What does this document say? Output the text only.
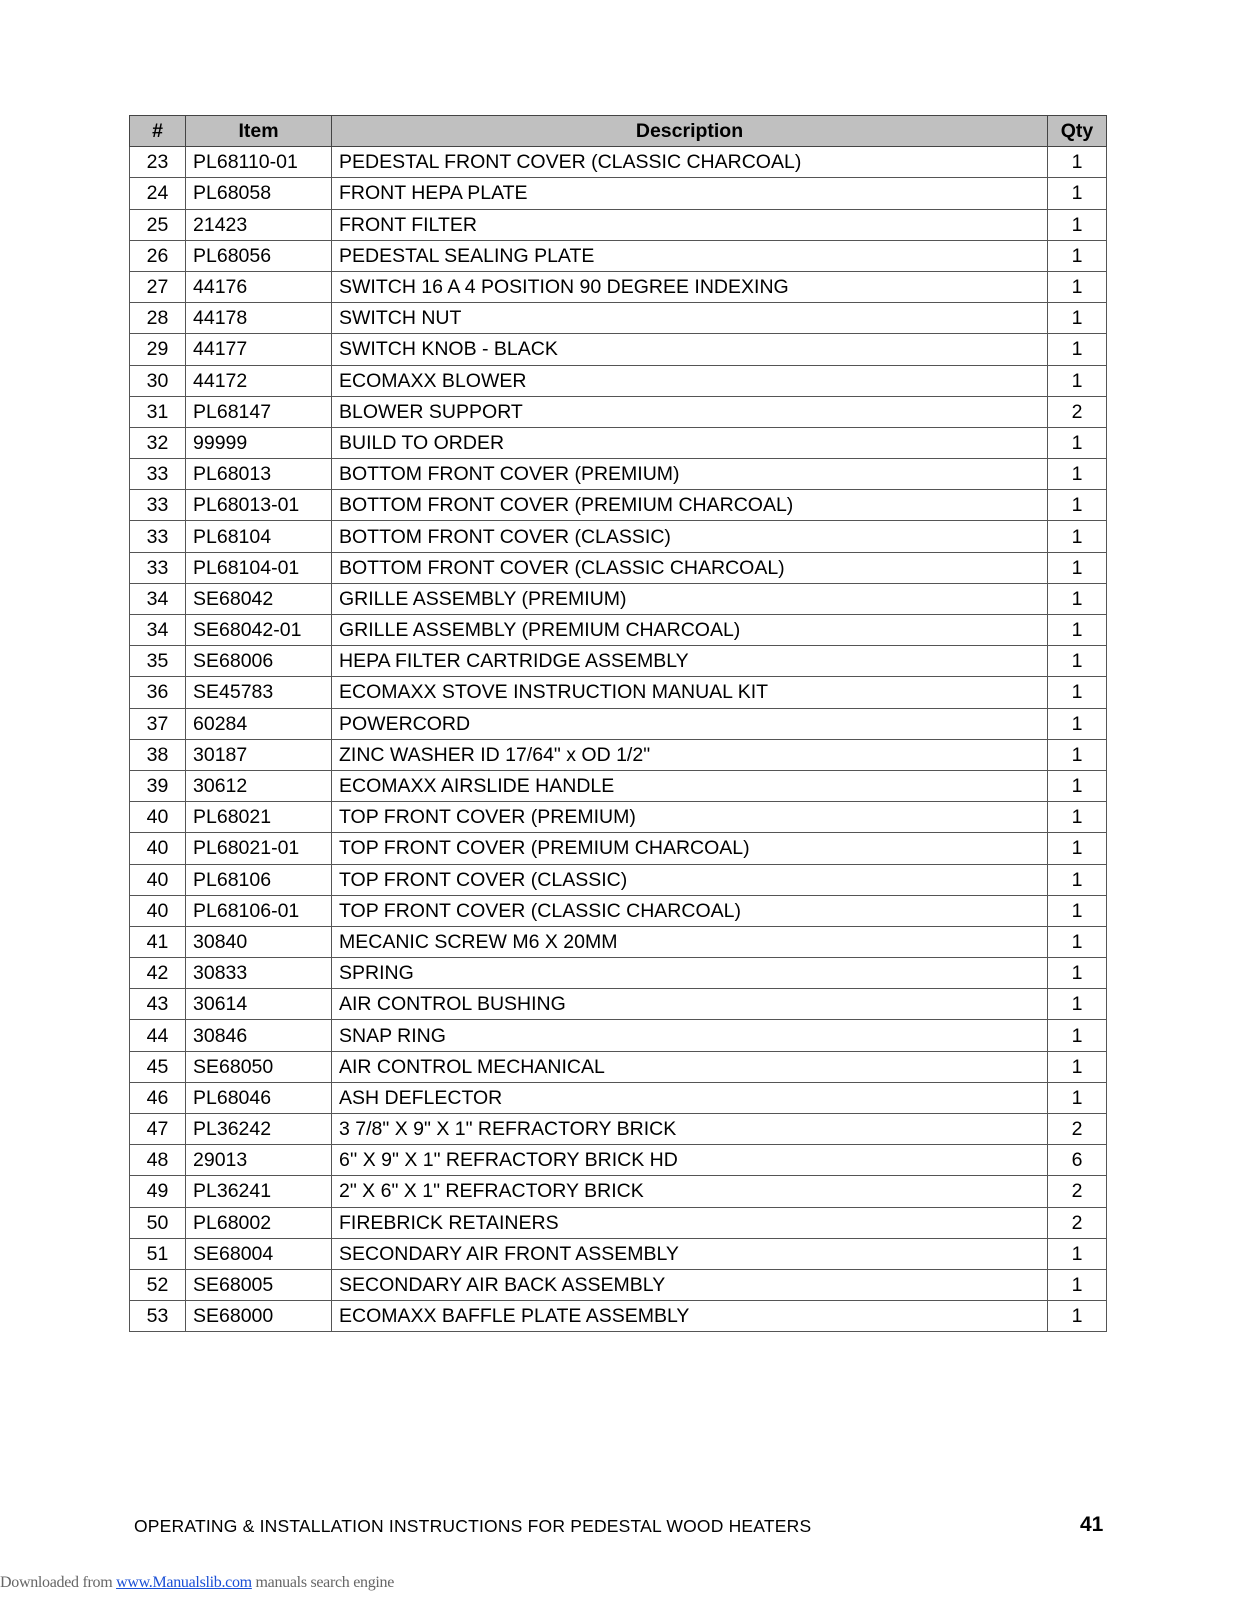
#	Item	Description	Qty
23	PL68110-01	PEDESTAL FRONT COVER (CLASSIC CHARCOAL)	1
24	PL68058	FRONT HEPA PLATE	1
25	21423	FRONT FILTER	1
26	PL68056	PEDESTAL SEALING PLATE	1
27	44176	SWITCH 16 A 4 POSITION 90 DEGREE INDEXING	1
28	44178	SWITCH NUT	1
29	44177	SWITCH KNOB - BLACK	1
30	44172	ECOMAXX BLOWER	1
31	PL68147	BLOWER SUPPORT	2
32	99999	BUILD TO ORDER	1
33	PL68013	BOTTOM FRONT COVER (PREMIUM)	1
33	PL68013-01	BOTTOM FRONT COVER (PREMIUM CHARCOAL)	1
33	PL68104	BOTTOM FRONT COVER (CLASSIC)	1
33	PL68104-01	BOTTOM FRONT COVER (CLASSIC CHARCOAL)	1
34	SE68042	GRILLE ASSEMBLY (PREMIUM)	1
34	SE68042-01	GRILLE ASSEMBLY (PREMIUM CHARCOAL)	1
35	SE68006	HEPA FILTER CARTRIDGE ASSEMBLY	1
36	SE45783	ECOMAXX STOVE INSTRUCTION MANUAL KIT	1
37	60284	POWERCORD	1
38	30187	ZINC WASHER ID 17/64" x OD 1/2"	1
39	30612	ECOMAXX AIRSLIDE HANDLE	1
40	PL68021	TOP FRONT COVER (PREMIUM)	1
40	PL68021-01	TOP FRONT COVER (PREMIUM CHARCOAL)	1
40	PL68106	TOP FRONT COVER (CLASSIC)	1
40	PL68106-01	TOP FRONT COVER (CLASSIC CHARCOAL)	1
41	30840	MECANIC SCREW M6 X 20MM	1
42	30833	SPRING	1
43	30614	AIR CONTROL BUSHING	1
44	30846	SNAP RING	1
45	SE68050	AIR CONTROL MECHANICAL	1
46	PL68046	ASH DEFLECTOR	1
47	PL36242	3 7/8" X 9" X 1" REFRACTORY BRICK	2
48	29013	6'' X 9" X 1" REFRACTORY BRICK HD	6
49	PL36241	2" X 6" X 1" REFRACTORY BRICK	2
50	PL68002	FIREBRICK RETAINERS	2
51	SE68004	SECONDARY AIR FRONT ASSEMBLY	1
52	SE68005	SECONDARY AIR BACK ASSEMBLY	1
53	SE68000	ECOMAXX BAFFLE PLATE ASSEMBLY	1
OPERATING & INSTALLATION INSTRUCTIONS FOR PEDESTAL WOOD HEATERS	41
Downloaded from www.Manualslib.com manuals search engine
